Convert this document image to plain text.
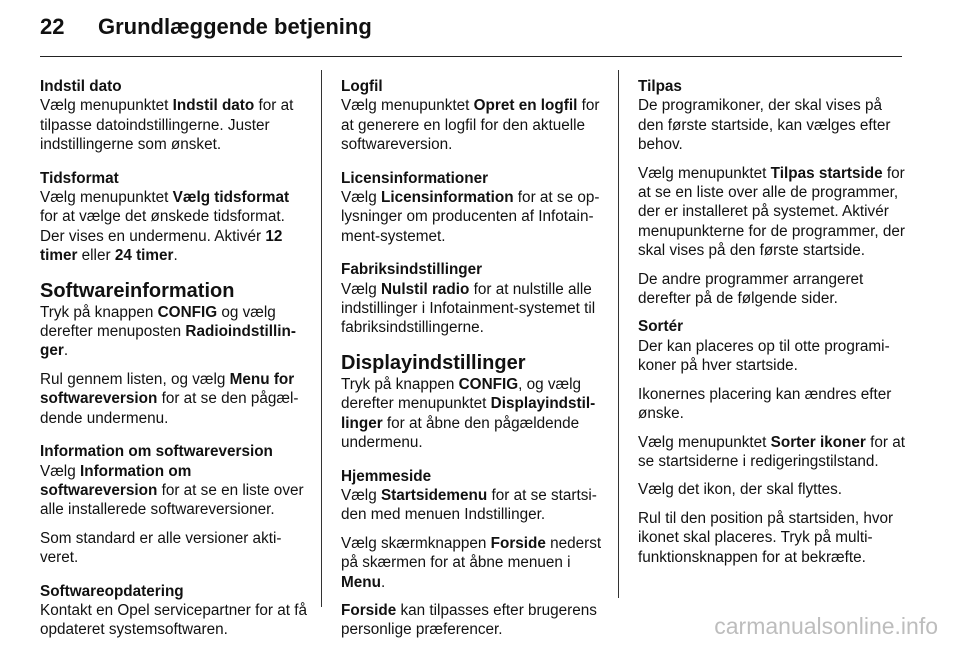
22 Grundlæggende betjening
Indstil dato

Vælg menupunktet Indstil dato for at tilpasse datoindstillingerne. Juster indstillingerne som ønsket.

Tidsformat

Vælg menupunktet Vælg tidsformat for at vælge det ønskede tidsformat. Der vises en undermenu. Aktivér 12 timer eller 24 timer.

Softwareinformation

Tryk på knappen CONFIG og vælg derefter menuposten Radioindstillinger.

Rul gennem listen, og vælg Menu for softwareversion for at se den pågældende undermenu.

Information om softwareversion

Vælg Information om softwareversion for at se en liste over alle installerede softwareversioner.

Som standard er alle versioner aktiveret.

Softwareopdatering

Kontakt en Opel servicepartner for at få opdateret systemsoftwaren.

Logfil

Vælg menupunktet Opret en logfil for at generere en logfil for den aktuelle softwareversion.

Licensinformationer

Vælg Licensinformation for at se oplysninger om producenten af Infotainment-systemet.

Fabriksindstillinger

Vælg Nulstil radio for at nulstille alle indstillinger i Infotainment-systemet til fabriksindstillingerne.

Displayindstillinger

Tryk på knappen CONFIG, og vælg derefter menupunktet Displayindstillinger for at åbne den pågældende undermenu.

Hjemmeside

Vælg Startsidemenu for at se startsiden med menuen Indstillinger.

Vælg skærmknappen Forside nederst på skærmen for at åbne menuen i Menu.

Forside kan tilpasses efter brugerens personlige præferencer.

Tilpas

De programikoner, der skal vises på den første startside, kan vælges efter behov.

Vælg menupunktet Tilpas startside for at se en liste over alle de programmer, der er installeret på systemet. Aktivér menupunkterne for de programmer, der skal vises på den første startside.

De andre programmer arrangeret derefter på de følgende sider.

Sortér

Der kan placeres op til otte programikoner på hver startside.

Ikonernes placering kan ændres efter ønske.

Vælg menupunktet Sorter ikoner for at se startsiderne i redigeringstilstand.

Vælg det ikon, der skal flyttes.

Rul til den position på startsiden, hvor ikonet skal placeres. Tryk på multifunktionsknappen for at bekræfte.

carmanualsonline.info
